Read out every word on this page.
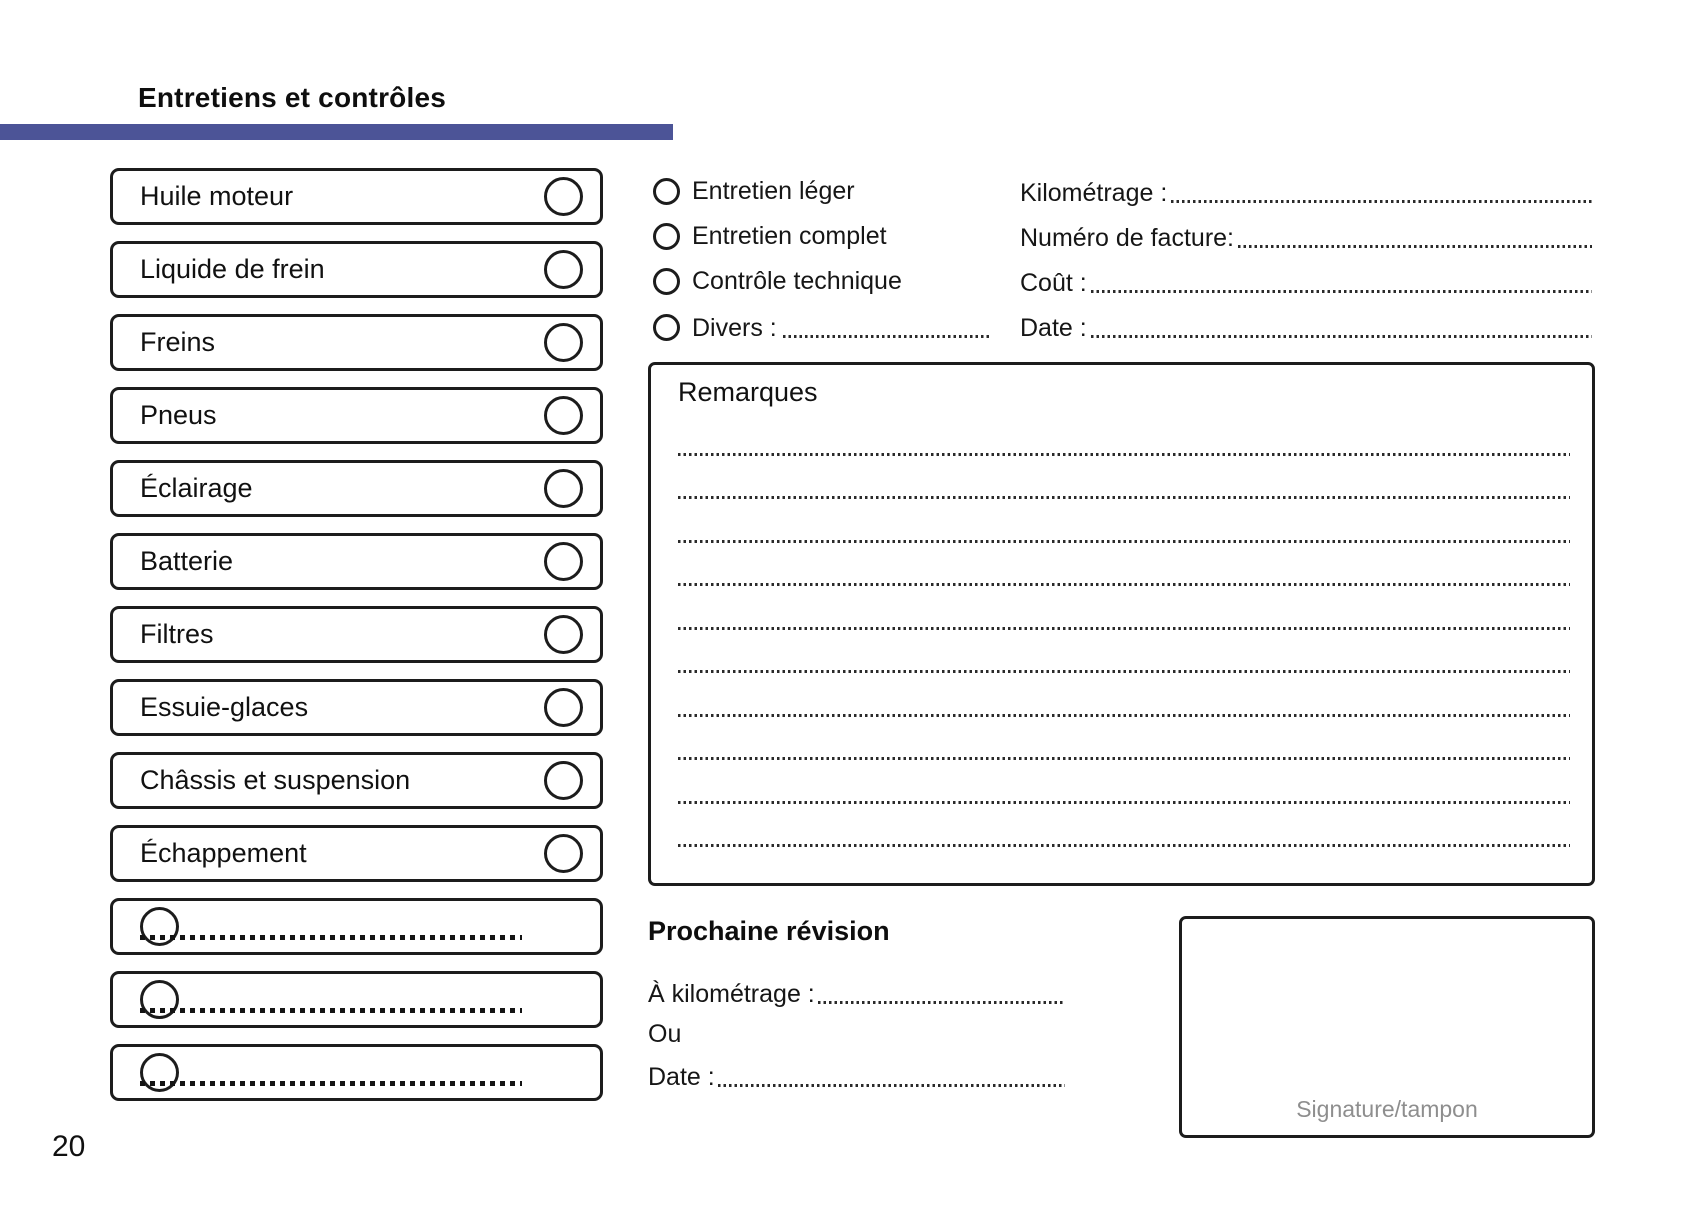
Entretiens et contrôles
Huile moteur
Liquide de frein
Freins
Pneus
Éclairage
Batterie
Filtres
Essuie-glaces
Châssis et suspension
Échappement
Entretien léger
Entretien complet
Contrôle technique
Divers :
Kilométrage :
Numéro de facture:
Coût :
Date :
Remarques
Prochaine révision
À kilométrage :
Ou
Date :
Signature/tampon
20
